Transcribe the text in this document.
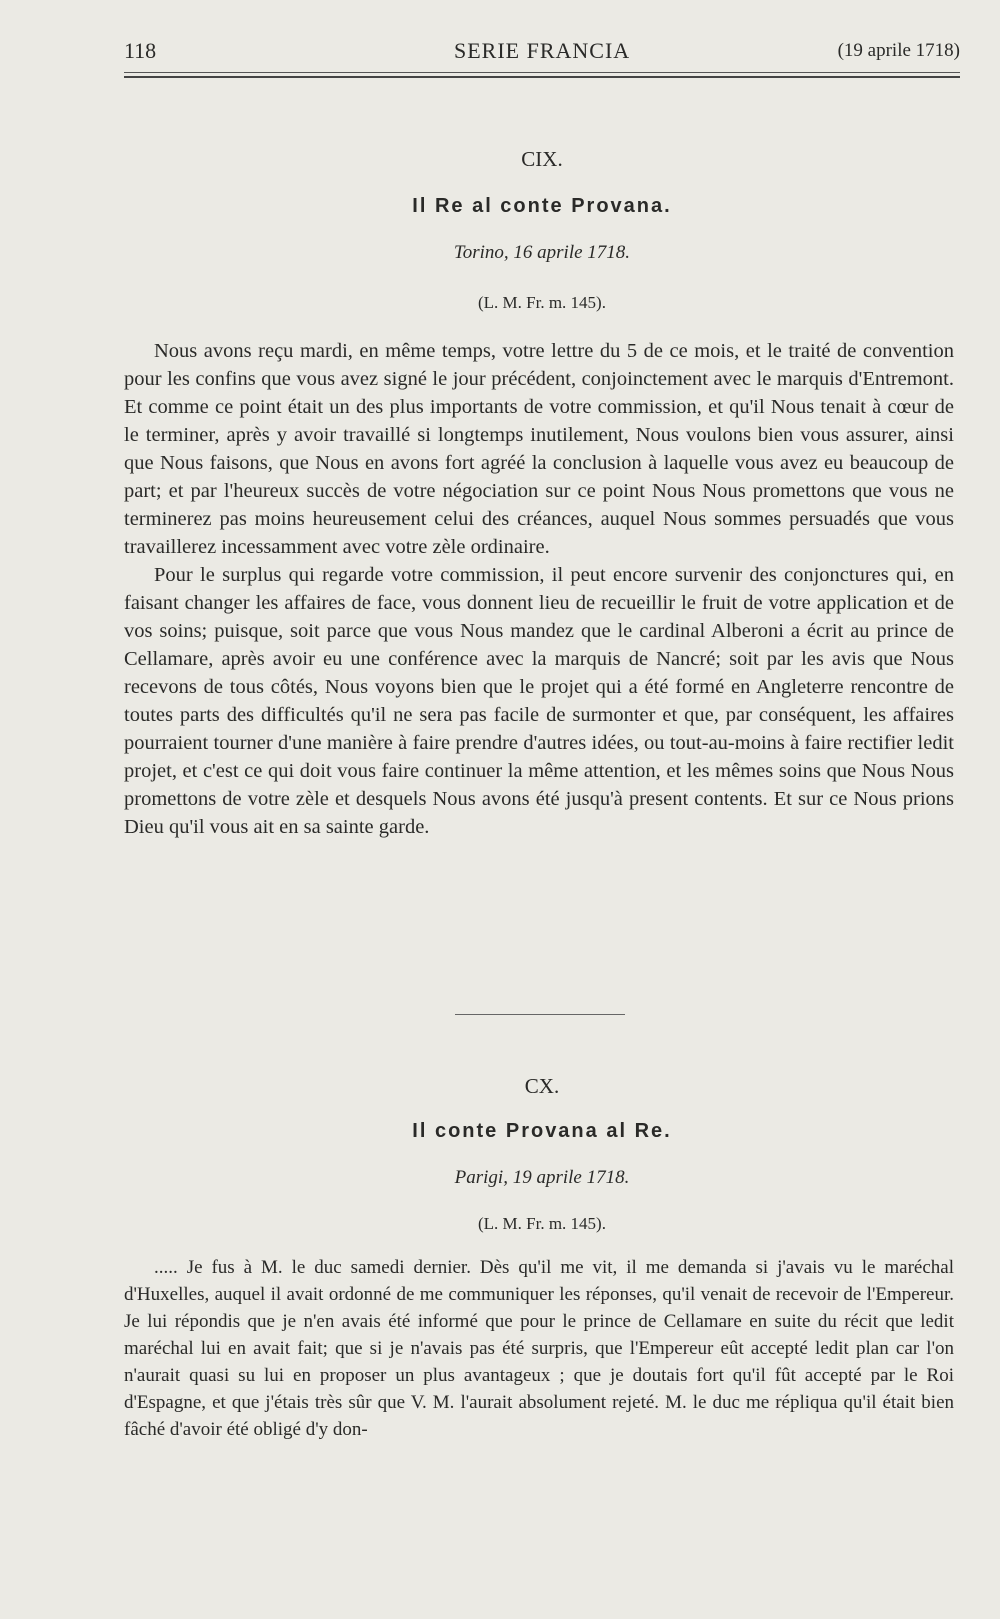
118	SERIE FRANCIA	(19 aprile 1718)
CIX.
Il Re al conte Provana.
Torino, 16 aprile 1718.
(L. M. Fr. m. 145).

Nous avons reçu mardi, en même temps, votre lettre du 5 de ce mois, et le traité de convention pour les confins que vous avez signé le jour précédent, conjoinctement avec le marquis d'Entremont. Et comme ce point était un des plus importants de votre commission, et qu'il Nous tenait à cœur de le terminer, après y avoir travaillé si longtemps inutilement, Nous voulons bien vous assurer, ainsi que Nous faisons, que Nous en avons fort agréé la conclusion à laquelle vous avez eu beaucoup de part; et par l'heureux succès de votre négociation sur ce point Nous Nous promettons que vous ne terminerez pas moins heureusement celui des créances, auquel Nous sommes persuadés que vous travaillerez incessamment avec votre zèle ordinaire.

Pour le surplus qui regarde votre commission, il peut encore survenir des conjonctures qui, en faisant changer les affaires de face, vous donnent lieu de recueillir le fruit de votre application et de vos soins; puisque, soit parce que vous Nous mandez que le cardinal Alberoni a écrit au prince de Cellamare, après avoir eu une conférence avec la marquis de Nancré; soit par les avis que Nous recevons de tous côtés, Nous voyons bien que le projet qui a été formé en Angleterre rencontre de toutes parts des difficultés qu'il ne sera pas facile de surmonter et que, par conséquent, les affaires pourraient tourner d'une manière à faire prendre d'autres idées, ou tout-au-moins à faire rectifier ledit projet, et c'est ce qui doit vous faire continuer la même attention, et les mêmes soins que Nous Nous promettons de votre zèle et desquels Nous avons été jusqu'à present contents. Et sur ce Nous prions Dieu qu'il vous ait en sa sainte garde.

CX.
Il conte Provana al Re.
Parigi, 19 aprile 1718.
(L. M. Fr. m. 145).

..... Je fus à M. le duc samedi dernier. Dès qu'il me vit, il me demanda si j'avais vu le maréchal d'Huxelles, auquel il avait ordonné de me communiquer les réponses, qu'il venait de recevoir de l'Empereur. Je lui répondis que je n'en avais été informé que pour le prince de Cellamare en suite du récit que ledit maréchal lui en avait fait; que si je n'avais pas été surpris, que l'Empereur eût accepté ledit plan car l'on n'aurait quasi su lui en proposer un plus avantageux ; que je doutais fort qu'il fût accepté par le Roi d'Espagne, et que j'étais très sûr que V. M. l'aurait absolument rejeté. M. le duc me répliqua qu'il était bien fâché d'avoir été obligé d'y don-
